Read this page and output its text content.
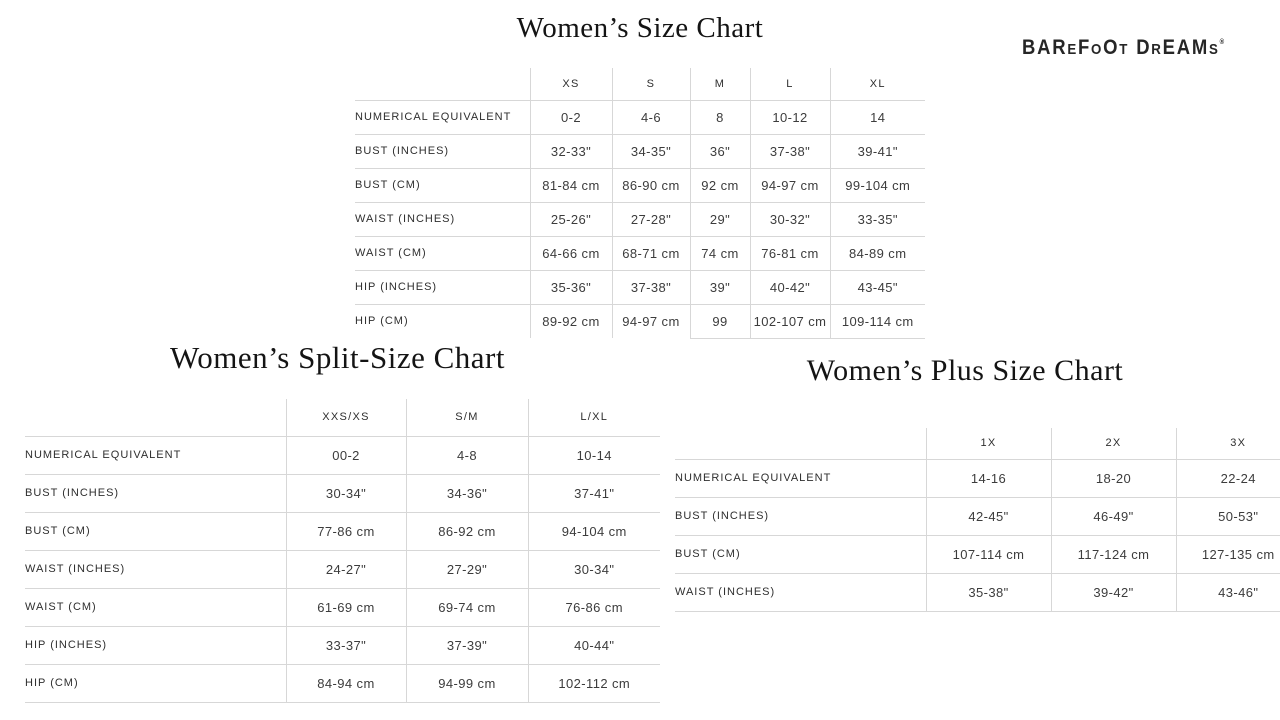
BAREFOOT DREAMS®
Women’s Size Chart
	XS	S	M	L	XL
NUMERICAL EQUIVALENT	0-2	4-6	8	10-12	14
BUST (INCHES)	32-33"	34-35"	36"	37-38"	39-41"
BUST (CM)	81-84 cm	86-90 cm	92 cm	94-97 cm	99-104 cm
WAIST (INCHES)	25-26"	27-28"	29"	30-32"	33-35"
WAIST (CM)	64-66 cm	68-71 cm	74 cm	76-81 cm	84-89 cm
HIP (INCHES)	35-36"	37-38"	39"	40-42"	43-45"
HIP (CM)	89-92 cm	94-97 cm	99	102-107 cm	109-114 cm
Women’s Split-Size Chart
	XXS/XS	S/M	L/XL
NUMERICAL EQUIVALENT	00-2	4-8	10-14
BUST (INCHES)	30-34"	34-36"	37-41"
BUST (CM)	77-86 cm	86-92 cm	94-104 cm
WAIST (INCHES)	24-27"	27-29"	30-34"
WAIST (CM)	61-69 cm	69-74 cm	76-86 cm
HIP (INCHES)	33-37"	37-39"	40-44"
HIP (CM)	84-94 cm	94-99 cm	102-112 cm
Women’s Plus Size Chart
	1X	2X	3X
NUMERICAL EQUIVALENT	14-16	18-20	22-24
BUST (INCHES)	42-45"	46-49"	50-53"
BUST (CM)	107-114 cm	117-124 cm	127-135 cm
WAIST (INCHES)	35-38"	39-42"	43-46"
